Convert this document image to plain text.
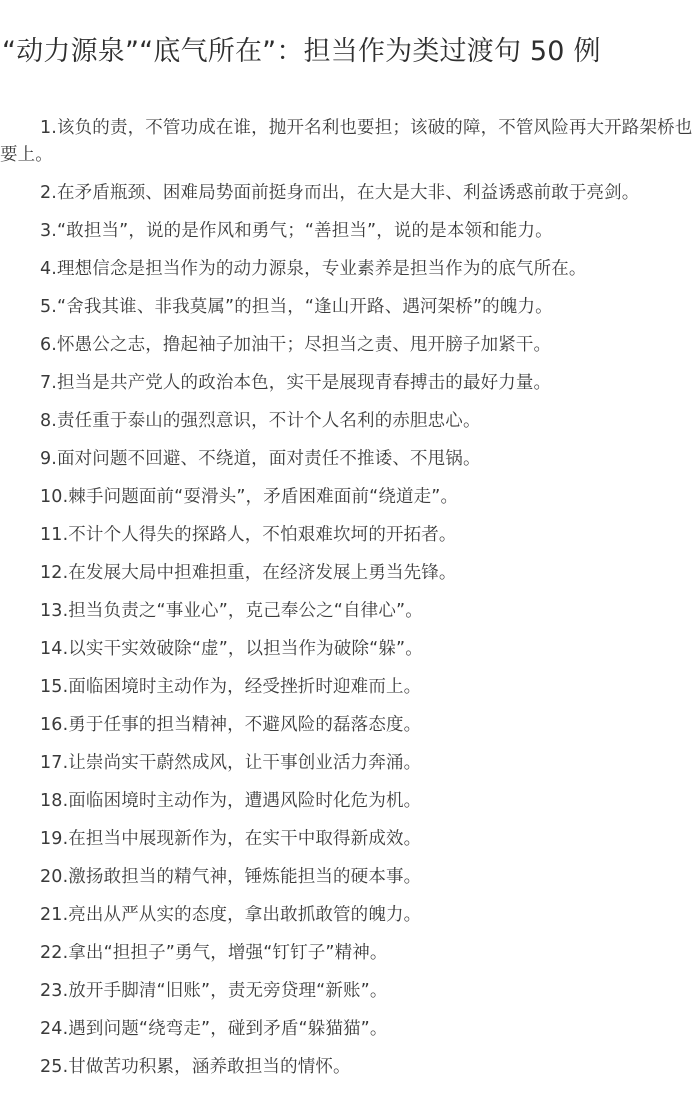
“动力源泉”“底气所在”：担当作为类过渡句 50 例

1.该负的责，不管功成在谁，抛开名利也要担；该破的障，不管风险再大开路架桥也要上。

2.在矛盾瓶颈、困难局势面前挺身而出，在大是大非、利益诱惑前敢于亮剑。

3.“敢担当”，说的是作风和勇气；“善担当”，说的是本领和能力。

4.理想信念是担当作为的动力源泉，专业素养是担当作为的底气所在。

5.“舍我其谁、非我莫属”的担当，“逢山开路、遇河架桥”的魄力。

6.怀愚公之志，撸起袖子加油干；尽担当之责、甩开膀子加紧干。

7.担当是共产党人的政治本色，实干是展现青春搏击的最好力量。

8.责任重于泰山的强烈意识，不计个人名利的赤胆忠心。

9.面对问题不回避、不绕道，面对责任不推诿、不甩锅。

10.棘手问题面前“耍滑头”，矛盾困难面前“绕道走”。

11.不计个人得失的探路人，不怕艰难坎坷的开拓者。

12.在发展大局中担难担重，在经济发展上勇当先锋。

13.担当负责之“事业心”，克己奉公之“自律心”。

14.以实干实效破除“虚”，以担当作为破除“躲”。

15.面临困境时主动作为，经受挫折时迎难而上。

16.勇于任事的担当精神，不避风险的磊落态度。

17.让崇尚实干蔚然成风，让干事创业活力奔涌。

18.面临困境时主动作为，遭遇风险时化危为机。

19.在担当中展现新作为，在实干中取得新成效。

20.激扬敢担当的精气神，锤炼能担当的硬本事。

21.亮出从严从实的态度，拿出敢抓敢管的魄力。

22.拿出“担担子”勇气，增强“钉钉子”精神。

23.放开手脚清“旧账”，责无旁贷理“新账”。

24.遇到问题“绕弯走”，碰到矛盾“躲猫猫”。

25.甘做苦功积累，涵养敢担当的情怀。
